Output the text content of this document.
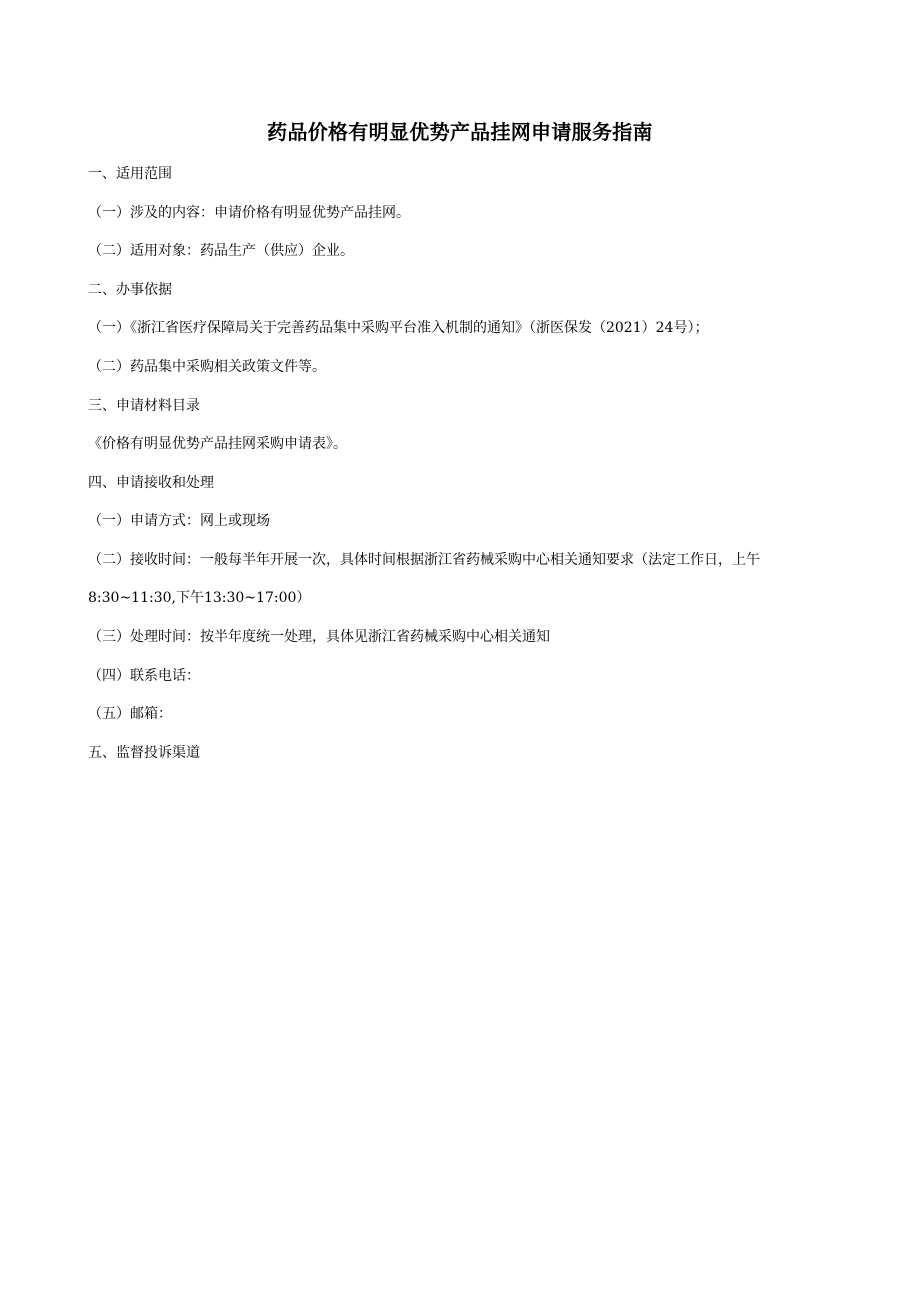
药品价格有明显优势产品挂网申请服务指南

一、适用范围

（一）涉及的内容：申请价格有明显优势产品挂网。

（二）适用对象：药品生产（供应）企业。

二、办事依据

（一）《浙江省医疗保障局关于完善药品集中采购平台准入机制的通知》（浙医保发（2021）24号）；

（二）药品集中采购相关政策文件等。

三、申请材料目录

《价格有明显优势产品挂网采购申请表》。

四、申请接收和处理

（一）申请方式：网上或现场

（二）接收时间：一般每半年开展一次，具体时间根据浙江省药械采购中心相关通知要求（法定工作日，上午

8:30~11:30,下午13:30~17:00）

（三）处理时间：按半年度统一处理，具体见浙江省药械采购中心相关通知

（四）联系电话：

（五）邮箱：

五、监督投诉渠道
